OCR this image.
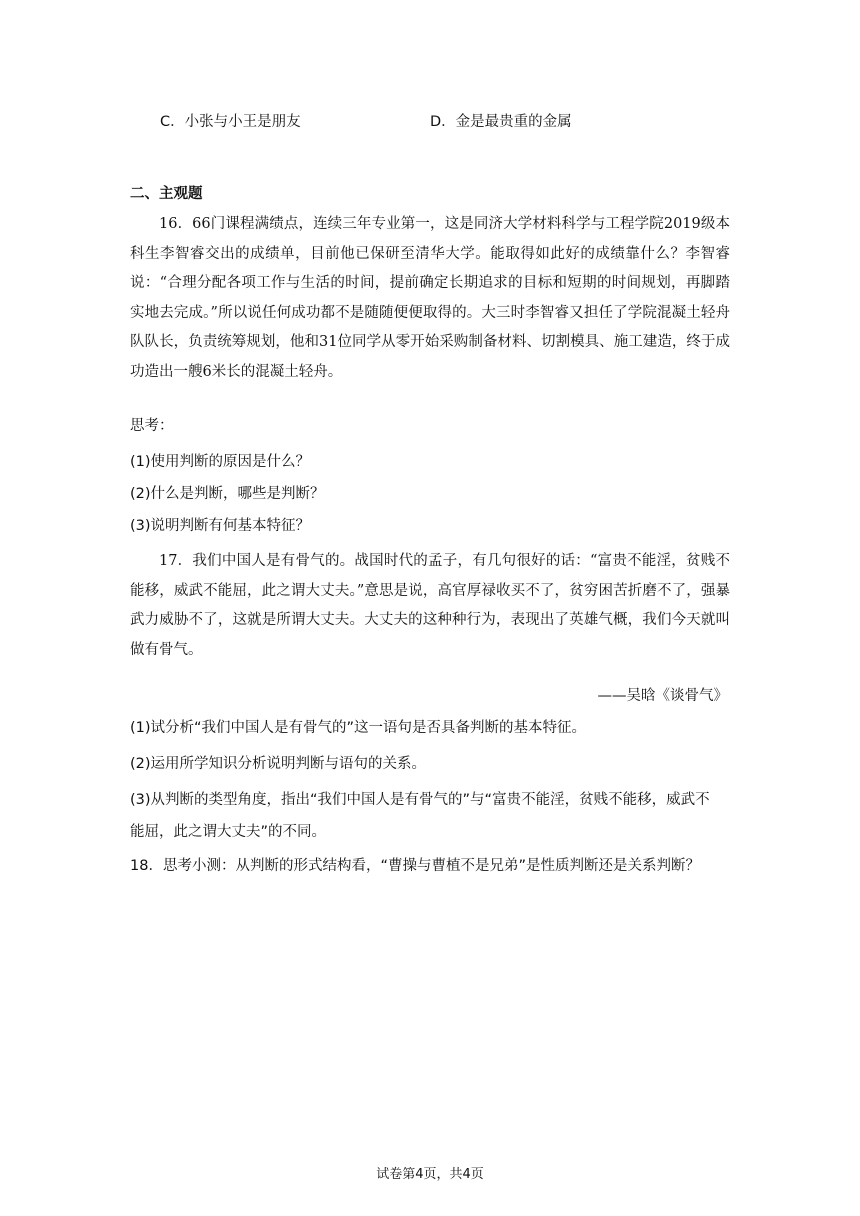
C．小张与小王是朋友	D．金是最贵重的金属
二、主观题
16．66门课程满绩点，连续三年专业第一，这是同济大学材料科学与工程学院2019级本科生李智睿交出的成绩单，目前他已保研至清华大学。能取得如此好的成绩靠什么？李智睿说：“合理分配各项工作与生活的时间，提前确定长期追求的目标和短期的时间规划，再脚踏实地去完成。”所以说任何成功都不是随随便便取得的。大三时李智睿又担任了学院混凝土轻舟队队长，负责统筹规划，他和31位同学从零开始采购制备材料、切割模具、施工建造，终于成功造出一艘6米长的混凝土轻舟。
思考：
(1)使用判断的原因是什么？
(2)什么是判断，哪些是判断？
(3)说明判断有何基本特征？
17．我们中国人是有骨气的。战国时代的孟子，有几句很好的话：“富贵不能淫，贫贱不能移，威武不能屈，此之谓大丈夫。”意思是说，高官厚禄收买不了，贫穷困苦折磨不了，强暴武力威胁不了，这就是所谓大丈夫。大丈夫的这种种行为，表现出了英雄气概，我们今天就叫做有骨气。
——吴晗《谈骨气》
(1)试分析“我们中国人是有骨气的”这一语句是否具备判断的基本特征。
(2)运用所学知识分析说明判断与语句的关系。
(3)从判断的类型角度，指出“我们中国人是有骨气的”与“富贵不能淫，贫贱不能移，威武不
能屈，此之谓大丈夫”的不同。
18．思考小测：从判断的形式结构看，“曹操与曹植不是兄弟”是性质判断还是关系判断？
试卷第4页，共4页
